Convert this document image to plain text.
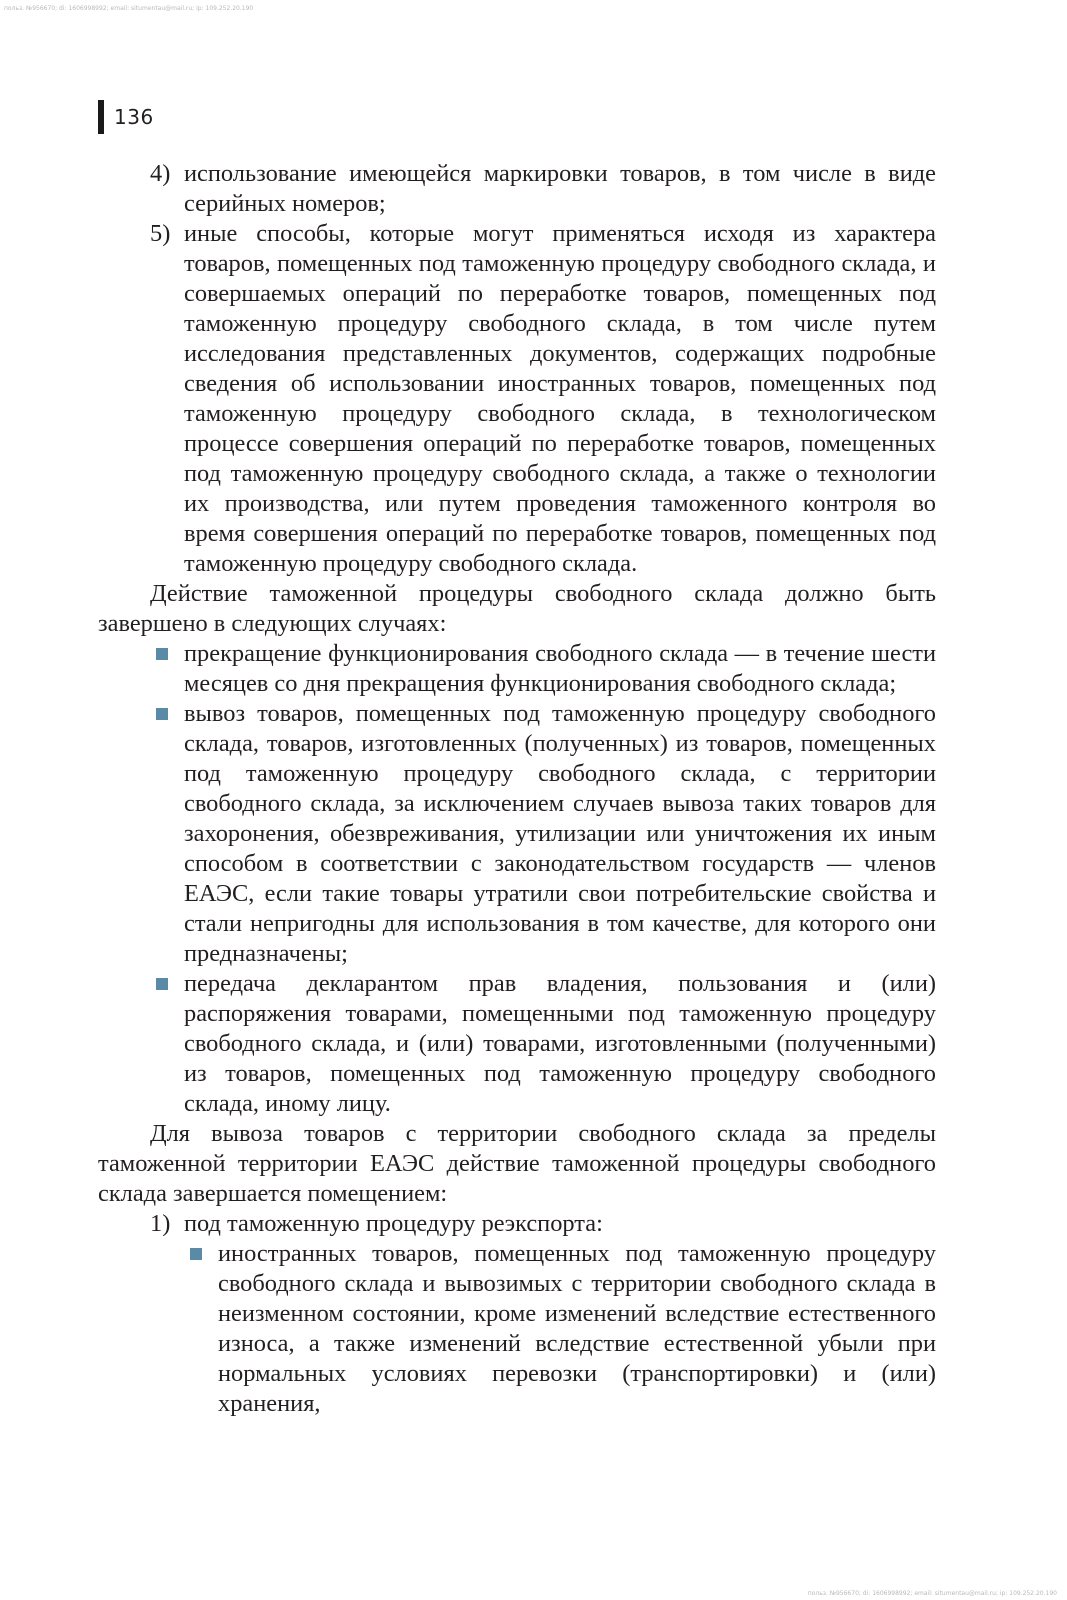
польз. №956670; di: 1606998992; email: situmentau@mail.ru; ip: 109.252.20.190
136

4) использование имеющейся маркировки товаров, в том числе в виде серийных номеров;

5) иные способы, которые могут применяться исходя из характера товаров, помещенных под таможенную процедуру свободного склада, и совершаемых операций по переработке товаров, помещенных под таможенную процедуру свободного склада, в том числе путем исследования представленных документов, содержащих подробные сведения об использовании иностранных товаров, помещенных под таможенную процедуру свободного склада, в технологическом процессе совершения операций по переработке товаров, помещенных под таможенную процедуру свободного склада, а также о технологии их производства, или путем проведения таможенного контроля во время совершения операций по переработке товаров, помещенных под таможенную процедуру свободного склада.

Действие таможенной процедуры свободного склада должно быть завершено в следующих случаях:

прекращение функционирования свободного склада — в течение шести месяцев со дня прекращения функционирования свободного склада;

вывоз товаров, помещенных под таможенную процедуру свободного склада, товаров, изготовленных (полученных) из товаров, помещенных под таможенную процедуру свободного склада, с территории свободного склада, за исключением случаев вывоза таких товаров для захоронения, обезвреживания, утилизации или уничтожения их иным способом в соответствии с законодательством государств — членов ЕАЭС, если такие товары утратили свои потребительские свойства и стали непригодны для использования в том качестве, для которого они предназначены;

передача декларантом прав владения, пользования и (или) распоряжения товарами, помещенными под таможенную процедуру свободного склада, и (или) товарами, изготовленными (полученными) из товаров, помещенных под таможенную процедуру свободного склада, иному лицу.

Для вывоза товаров с территории свободного склада за пределы таможенной территории ЕАЭС действие таможенной процедуры свободного склада завершается помещением:

1) под таможенную процедуру реэкспорта:

иностранных товаров, помещенных под таможенную процедуру свободного склада и вывозимых с территории свободного склада в неизменном состоянии, кроме изменений вследствие естественного износа, а также изменений вследствие естественной убыли при нормальных условиях перевозки (транспортировки) и (или) хранения,

польз. №956670; di: 1606998992; email: situmentau@mail.ru; ip: 109.252.20.190
